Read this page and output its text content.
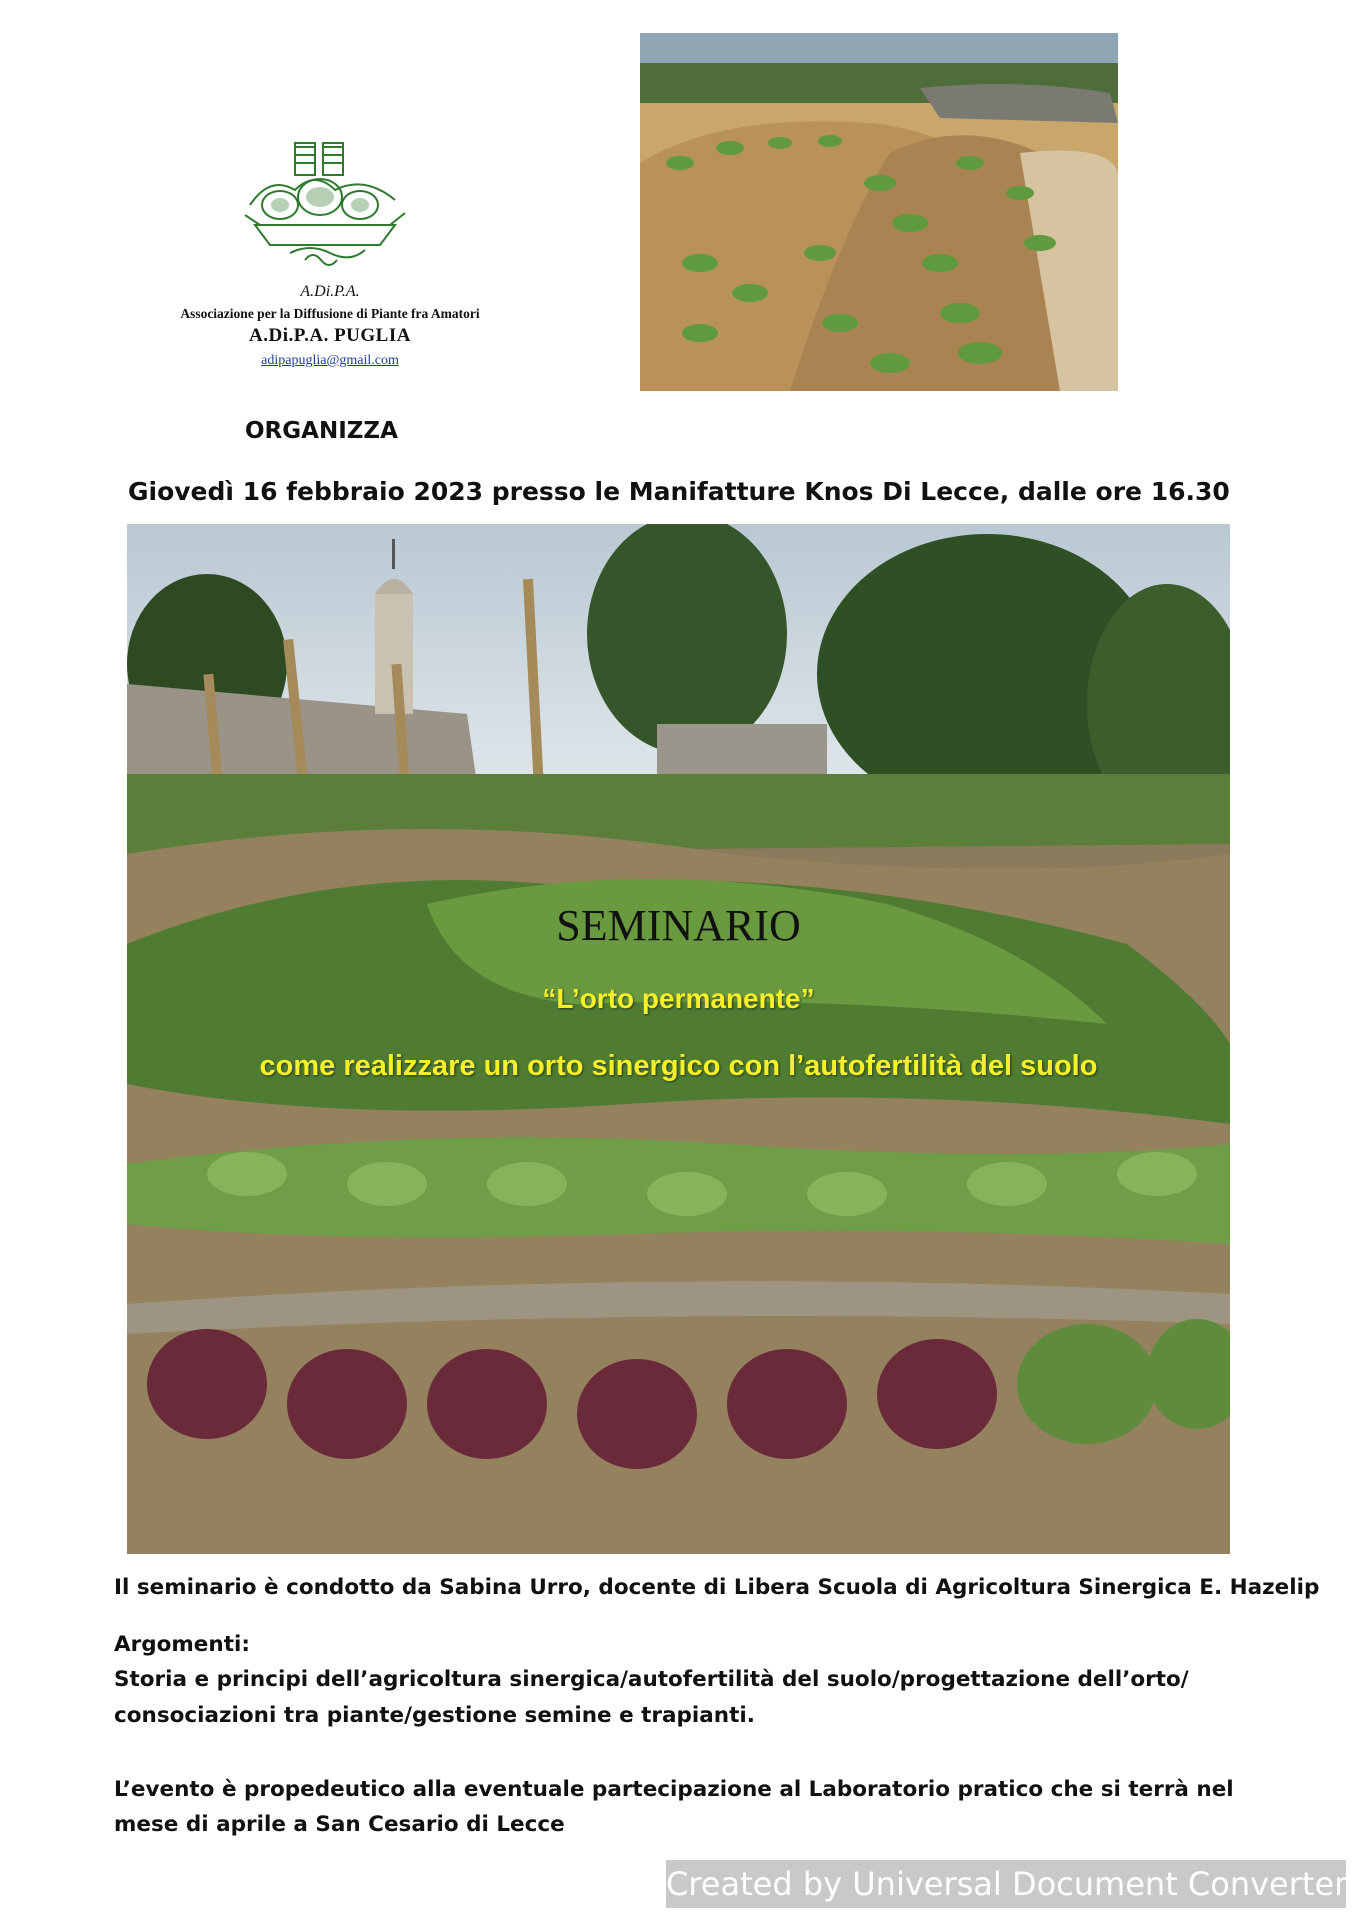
A.Di.P.A.
Associazione per la Diffusione di Piante fra Amatori
A.Di.P.A. PUGLIA
adipapuglia@gmail.com
ORGANIZZA
Giovedì 16 febbraio 2023 presso le Manifatture Knos Di Lecce, dalle ore 16.30
SEMINARIO
“L’orto permanente”
come realizzare un orto sinergico con l’autofertilità del suolo
Il seminario è condotto da Sabina Urro, docente di Libera Scuola di Agricoltura Sinergica E. Hazelip
Argomenti:
Storia e principi dell’agricoltura sinergica/autofertilità del suolo/progettazione dell’orto/
consociazioni tra piante/gestione semine e trapianti.
L’evento è propedeutico alla eventuale partecipazione al Laboratorio pratico che si terrà nel
mese di aprile a San Cesario di Lecce
Created by Universal Document Converter
